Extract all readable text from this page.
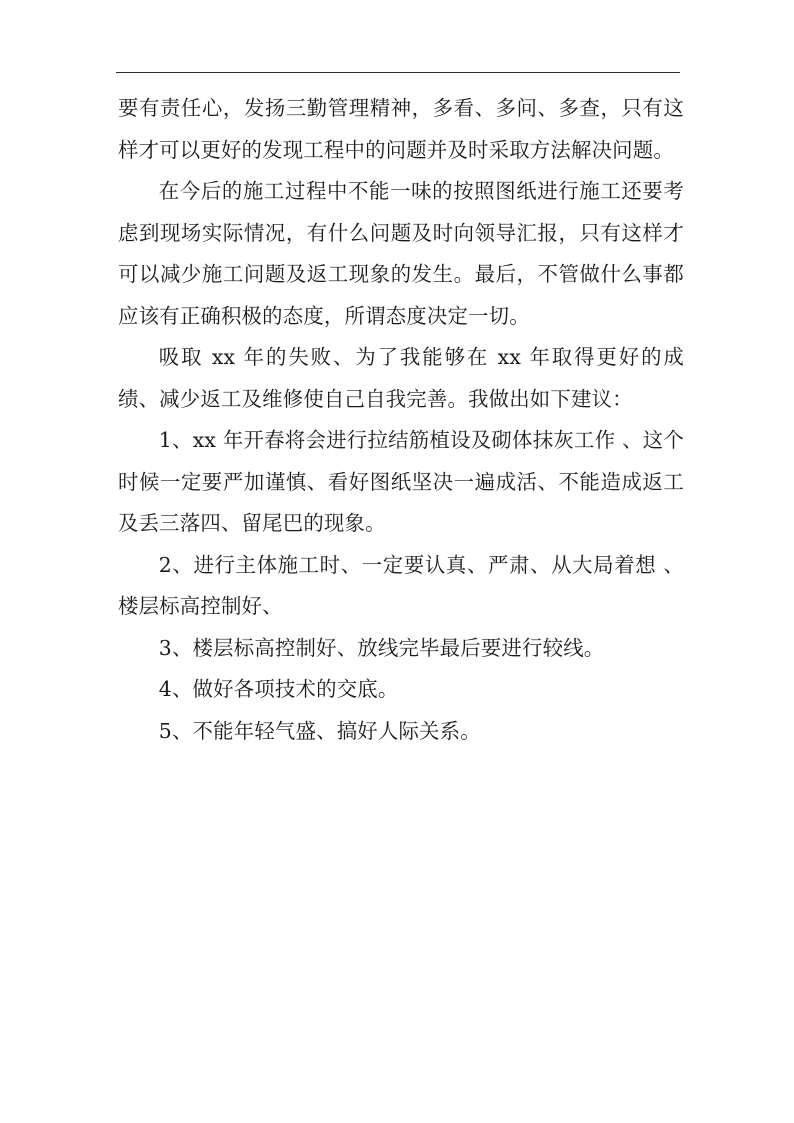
要有责任心，发扬三勤管理精神，多看、多问、多查，只有这样才可以更好的发现工程中的问题并及时采取方法解决问题。

在今后的施工过程中不能一味的按照图纸进行施工还要考虑到现场实际情况，有什么问题及时向领导汇报，只有这样才可以减少施工问题及返工现象的发生。最后，不管做什么事都应该有正确积极的态度，所谓态度决定一切。

吸取 xx 年的失败、为了我能够在 xx 年取得更好的成绩、减少返工及维修使自己自我完善。我做出如下建议：

1、xx 年开春将会进行拉结筋植设及砌体抹灰工作 、这个时候一定要严加谨慎、看好图纸坚决一遍成活、不能造成返工及丢三落四、留尾巴的现象。

2、进行主体施工时、一定要认真、严肃、从大局着想 、楼层标高控制好、

3、楼层标高控制好、放线完毕最后要进行较线。

4、做好各项技术的交底。

5、不能年轻气盛、搞好人际关系。
